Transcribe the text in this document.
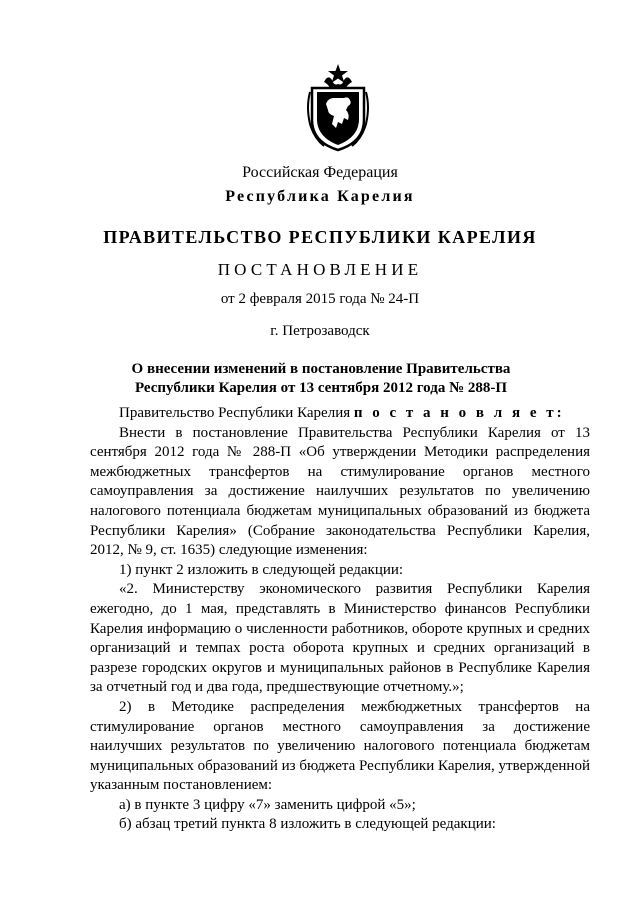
Российская Федерация
Республика Карелия
ПРАВИТЕЛЬСТВО РЕСПУБЛИКИ КАРЕЛИЯ
ПОСТАНОВЛЕНИЕ
от 2 февраля 2015 года № 24-П
г. Петрозаводск
О внесении изменений в постановление Правительства
Республики Карелия от 13 сентября 2012 года № 288-П

Правительство Республики Карелия п о с т а н о в л я е т:

Внести в постановление Правительства Республики Карелия от 13 сентября 2012 года № 288-П «Об утверждении Методики распределения межбюджетных трансфертов на стимулирование органов местного самоуправления за достижение наилучших результатов по увеличению налогового потенциала бюджетам муниципальных образований из бюджета Республики Карелия» (Собрание законодательства Республики Карелия, 2012, № 9, ст. 1635) следующие изменения:

1) пункт 2 изложить в следующей редакции:

«2. Министерству экономического развития Республики Карелия ежегодно, до 1 мая, представлять в Министерство финансов Республики Карелия информацию о численности работников, обороте крупных и средних организаций и темпах роста оборота крупных и средних организаций в разрезе городских округов и муниципальных районов в Республике Карелия за отчетный год и два года, предшествующие отчетному.»;

2) в Методике распределения межбюджетных трансфертов на стимулирование органов местного самоуправления за достижение наилучших результатов по увеличению налогового потенциала бюджетам муниципальных образований из бюджета Республики Карелия, утвержденной указанным постановлением:

а) в пункте 3 цифру «7» заменить цифрой «5»;

б) абзац третий пункта 8 изложить в следующей редакции:
